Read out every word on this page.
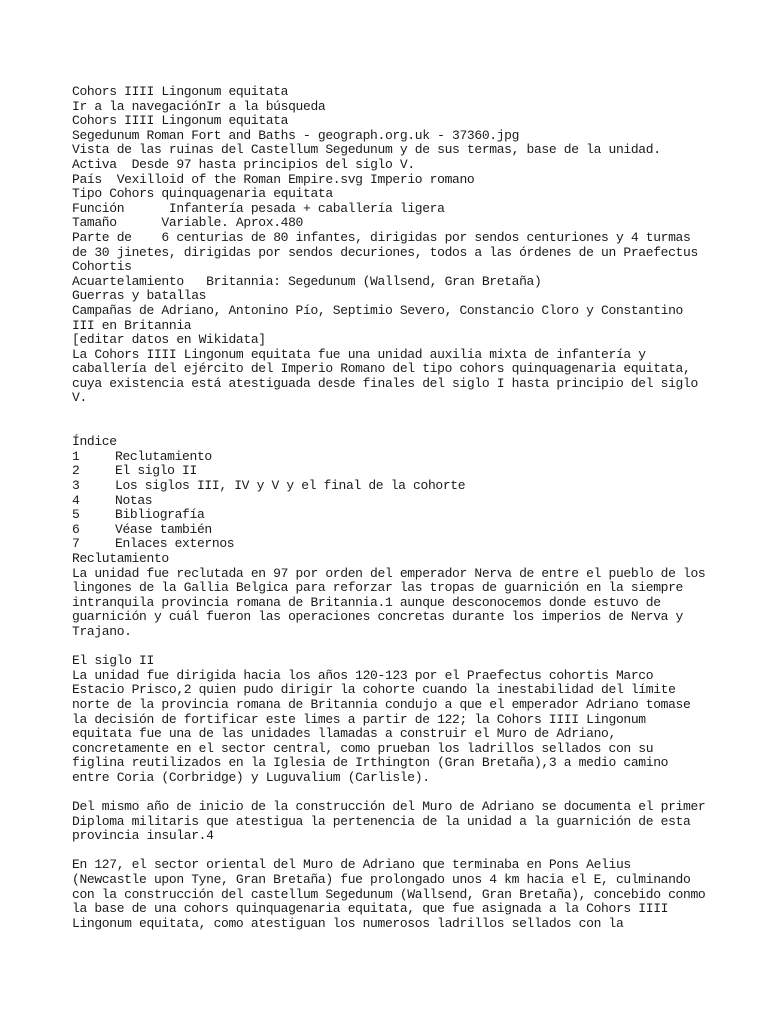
Cohors IIII Lingonum equitata
Ir a la navegaciónIr a la búsqueda
Cohors IIII Lingonum equitata
Segedunum Roman Fort and Baths - geograph.org.uk - 37360.jpg
Vista de las ruinas del Castellum Segedunum y de sus termas, base de la unidad.
Activa	Desde 97 hasta principios del siglo V.
País	Vexilloid of the Roman Empire.svg Imperio romano
Tipo	Cohors quinquagenaria equitata
Función	Infantería pesada + caballería ligera
Tamaño	Variable. Aprox.480
Parte de	6 centurias de 80 infantes, dirigidas por sendos centuriones y 4 turmas de 30 jinetes, dirigidas por sendos decuriones, todos a las órdenes de un Praefectus Cohortis
Acuartelamiento	Britannia: Segedunum (Wallsend, Gran Bretaña)
Guerras y batallas
Campañas de Adriano, Antonino Pío, Septimio Severo, Constancio Cloro y Constantino III en Britannia
[editar datos en Wikidata]
La Cohors IIII Lingonum equitata fue una unidad auxilia mixta de infantería y caballería del ejército del Imperio Romano del tipo cohors quinquagenaria equitata, cuya existencia está atestiguada desde finales del siglo I hasta principio del siglo V.
Índice
1	Reclutamiento
2	El siglo II
3	Los siglos III, IV y V y el final de la cohorte
4	Notas
5	Bibliografía
6	Véase también
7	Enlaces externos
Reclutamiento
La unidad fue reclutada en 97 por orden del emperador Nerva de entre el pueblo de los lingones de la Gallia Belgica para reforzar las tropas de guarnición en la siempre intranquila provincia romana de Britannia.1 aunque desconocemos donde estuvo de guarnición y cuál fueron las operaciones concretas durante los imperios de Nerva y Trajano.
El siglo II
La unidad fue dirigida hacia los años 120-123 por el Praefectus cohortis Marco Estacio Prisco,2 quien pudo dirigir la cohorte cuando la inestabilidad del límite norte de la provincia romana de Britannia condujo a que el emperador Adriano tomase la decisión de fortificar este limes a partir de 122; la Cohors IIII Lingonum equitata fue una de las unidades llamadas a construir el Muro de Adriano, concretamente en el sector central, como prueban los ladrillos sellados con su figlina reutilizados en la Iglesia de Irthington (Gran Bretaña),3 a medio camino entre Coria (Corbridge) y Luguvalium (Carlisle).
Del mismo año de inicio de la construcción del Muro de Adriano se documenta el primer Diploma militaris que atestigua la pertenencia de la unidad a la guarnición de esta provincia insular.4
En 127, el sector oriental del Muro de Adriano que terminaba en Pons Aelius (Newcastle upon Tyne, Gran Bretaña) fue prolongado unos 4 km hacia el E, culminando con la construcción del castellum Segedunum (Wallsend, Gran Bretaña), concebido conmo la base de una cohors quinquagenaria equitata, que fue asignada a la Cohors IIII Lingonum equitata, como atestiguan los numerosos ladrillos sellados con la
